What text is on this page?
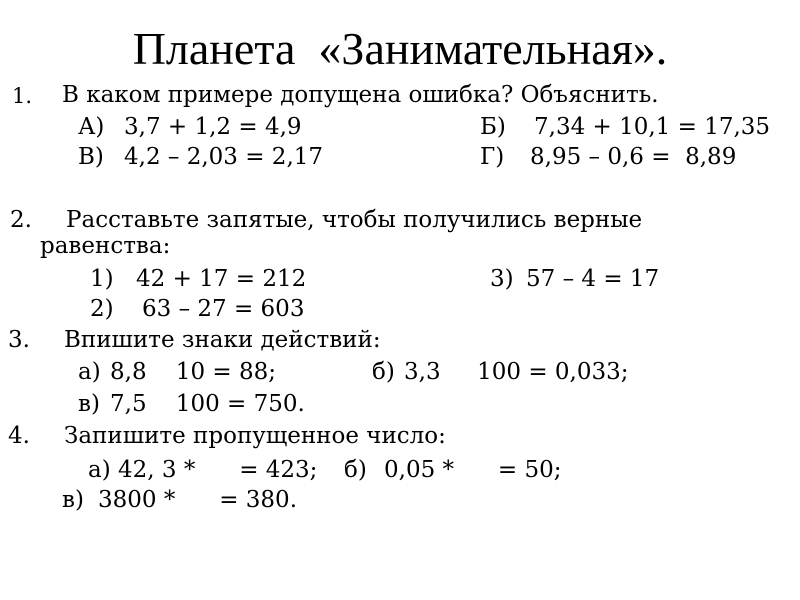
Планета  «Занимательная».
1. В каком примере допущена ошибка? Объяснить.
А) 3,7 + 1,2 = 4,9	Б) 7,34 + 10,1 = 17,35
В) 4,2 – 2,03 = 2,17	Г) 8,95 – 0,6 =  8,89
2. Расставьте запятые, чтобы получились верные
равенства:
1) 42 + 17 = 212	3) 57 – 4 = 17
2) 63 – 27 = 603
3. Впишите знаки действий:
а) 8,8    10 = 88;	б) 3,3     100 = 0,033;
в) 7,5    100 = 750.
4. Запишите пропущенное число:
а) 42, 3 *      = 423; б) 0,05 *      = 50;
в) 3800 *      = 380.
